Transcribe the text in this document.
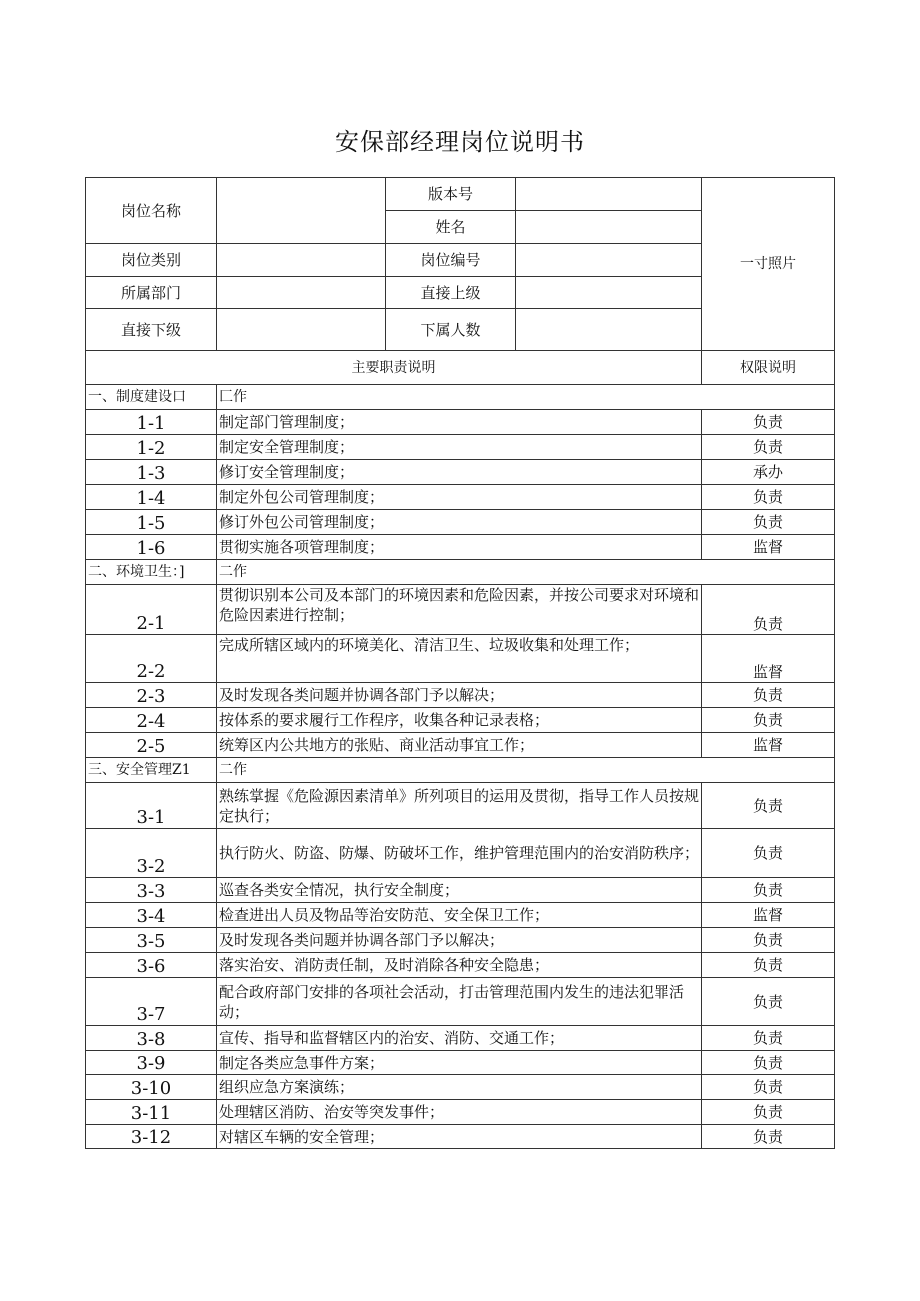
安保部经理岗位说明书
岗位名称		版本号		一寸照片
		姓名		
岗位类别		岗位编号		
所属部门		直接上级		
直接下级		下属人数		
主要职责说明				权限说明
一、制度建设口	匚作			
1-1	制定部门管理制度；			负责
1-2	制定安全管理制度；			负责
1-3	修订安全管理制度；			承办
1-4	制定外包公司管理制度；			负责
1-5	修订外包公司管理制度；			负责
1-6	贯彻实施各项管理制度；			监督
二、环境卫生：]	二作			
2-1	贯彻识别本公司及本部门的环境因素和危险因素，并按公司要求对环境和危险因素进行控制；			负责
2-2	完成所辖区域内的环境美化、清洁卫生、垃圾收集和处理工作；			监督
2-3	及时发现各类问题并协调各部门予以解决；			负责
2-4	按体系的要求履行工作程序，收集各种记录表格；			负责
2-5	统筹区内公共地方的张贴、商业活动事宜工作；			监督
三、安全管理Z1	二作			
3-1	熟练掌握《危险源因素清单》所列项目的运用及贯彻，指导工作人员按规定执行；			负责
3-2	执行防火、防盗、防爆、防破坏工作，维护管理范围内的治安消防秩序；			负责
3-3	巡查各类安全情况，执行安全制度；			负责
3-4	检查进出人员及物品等治安防范、安全保卫工作；			监督
3-5	及时发现各类问题并协调各部门予以解决；			负责
3-6	落实治安、消防责任制，及时消除各种安全隐患；			负责
3-7	配合政府部门安排的各项社会活动，打击管理范围内发生的违法犯罪活动；			负责
3-8	宣传、指导和监督辖区内的治安、消防、交通工作；			负责
3-9	制定各类应急事件方案；			负责
3-10	组织应急方案演练；			负责
3-11	处理辖区消防、治安等突发事件；			负责
3-12	对辖区车辆的安全管理；			负责
